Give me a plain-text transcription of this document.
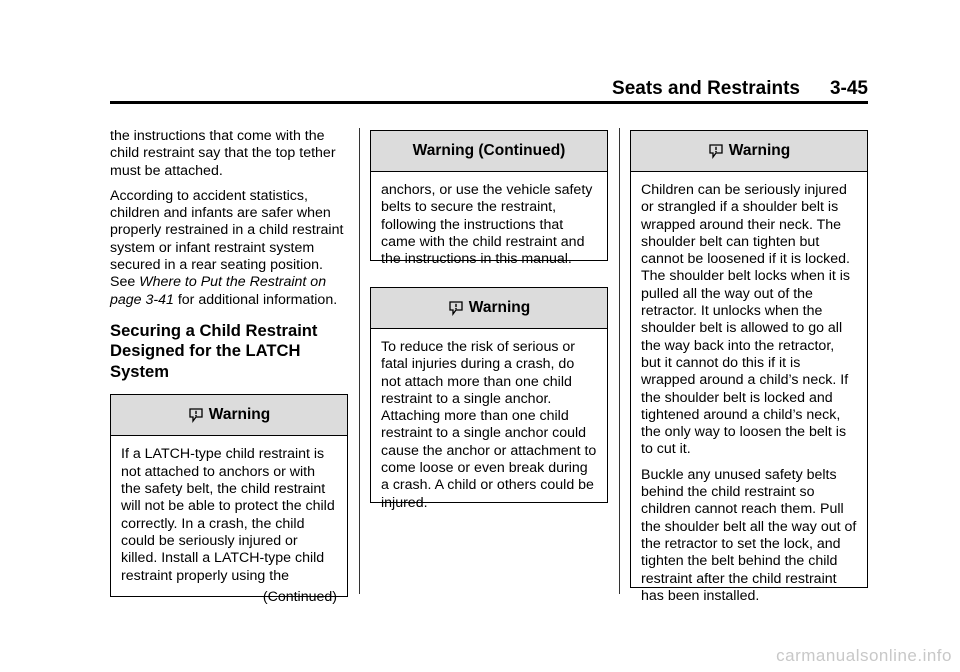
Seats and Restraints 3-45

the instructions that come with the child restraint say that the top tether must be attached.

According to accident statistics, children and infants are safer when properly restrained in a child restraint system or infant restraint system secured in a rear seating position. See Where to Put the Restraint on page 3-41 for additional information.

Securing a Child Restraint Designed for the LATCH System
Warning

If a LATCH-type child restraint is not attached to anchors or with the safety belt, the child restraint will not be able to protect the child correctly. In a crash, the child could be seriously injured or killed. Install a LATCH-type child restraint properly using the

(Continued)
Warning (Continued)

anchors, or use the vehicle safety belts to secure the restraint, following the instructions that came with the child restraint and the instructions in this manual.

Warning

To reduce the risk of serious or fatal injuries during a crash, do not attach more than one child restraint to a single anchor. Attaching more than one child restraint to a single anchor could cause the anchor or attachment to come loose or even break during a crash. A child or others could be injured.

Warning

Children can be seriously injured or strangled if a shoulder belt is wrapped around their neck. The shoulder belt can tighten but cannot be loosened if it is locked. The shoulder belt locks when it is pulled all the way out of the retractor. It unlocks when the shoulder belt is allowed to go all the way back into the retractor, but it cannot do this if it is wrapped around a child’s neck. If the shoulder belt is locked and tightened around a child’s neck, the only way to loosen the belt is to cut it.

Buckle any unused safety belts behind the child restraint so children cannot reach them. Pull the shoulder belt all the way out of the retractor to set the lock, and tighten the belt behind the child restraint after the child restraint has been installed.

carmanualsonline.info
